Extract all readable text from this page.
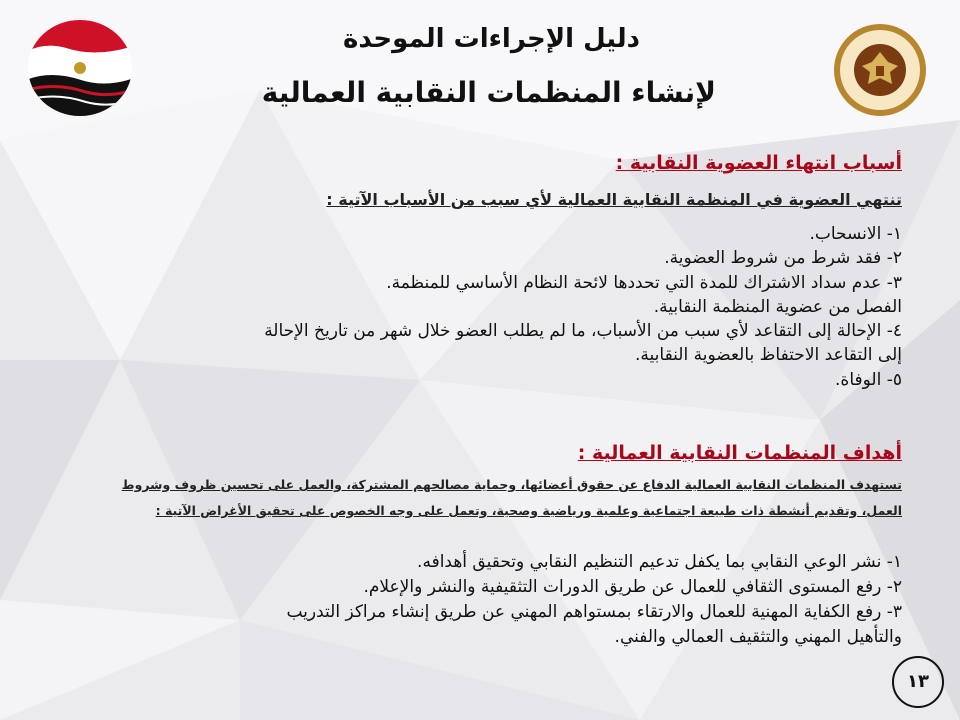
دليل الإجراءات الموحدة
لإنشاء المنظمات النقابية العمالية
أسباب انتهاء العضوية النقابية :
تنتهي العضوية في المنظمة النقابية العمالية لأي سبب من الأسباب الآتية :
١- الانسحاب.
٢- فقد شرط من شروط العضوية.
٣- عدم سداد الاشتراك للمدة التي تحددها لائحة النظام الأساسي للمنظمة.
الفصل من عضوية المنظمة النقابية.
٤- الإحالة إلى التقاعد لأي سبب من الأسباب، ما لم يطلب العضو خلال شهر من تاريخ الإحالة
إلى التقاعد الاحتفاظ بالعضوية النقابية.
٥- الوفاة.
أهداف المنظمات النقابية العمالية :
تستهدف المنظمات النقابية العمالية الدفاع عن حقوق أعضائها، وحماية مصالحهم المشتركة، والعمل على تحسين ظروف وشروط العمل، وتقديم أنشطة ذات طبيعة اجتماعية وعلمية ورياضية وصحية، وتعمل على وجه الخصوص على تحقيق الأغراض الآتية :
١- نشر الوعي النقابي بما يكفل تدعيم التنظيم النقابي وتحقيق أهدافه.
٢- رفع المستوى الثقافي للعمال عن طريق الدورات التثقيفية والنشر والإعلام.
٣- رفع الكفاية المهنية للعمال والارتقاء بمستواهم المهني عن طريق إنشاء مراكز التدريب
والتأهيل المهني والتثقيف العمالي والفني.
١٣
